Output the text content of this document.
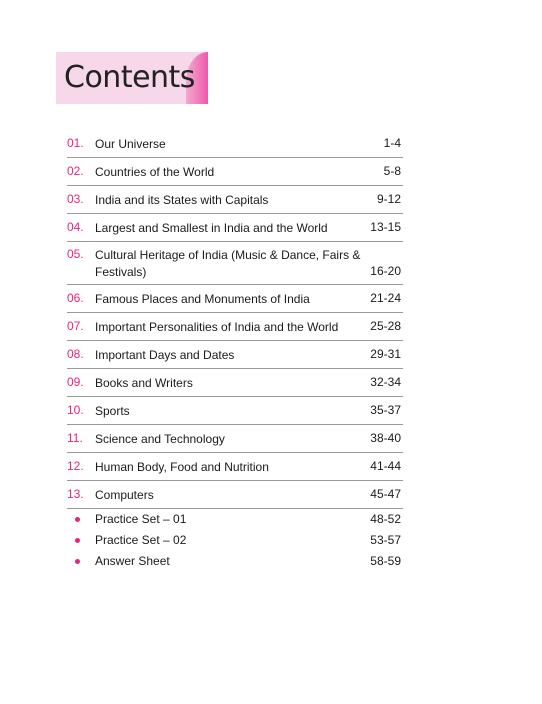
Contents
01. Our Universe	1-4
02. Countries of the World	5-8
03. India and its States with Capitals	9-12
04. Largest and Smallest in India and the World	13-15
05. Cultural Heritage of India (Music & Dance, Fairs & Festivals)	16-20
06. Famous Places and Monuments of India	21-24
07. Important Personalities of India and the World	25-28
08. Important Days and Dates	29-31
09. Books and Writers	32-34
10. Sports	35-37
11. Science and Technology	38-40
12. Human Body, Food and Nutrition	41-44
13. Computers	45-47
Practice Set – 01	48-52
Practice Set – 02	53-57
Answer Sheet	58-59
